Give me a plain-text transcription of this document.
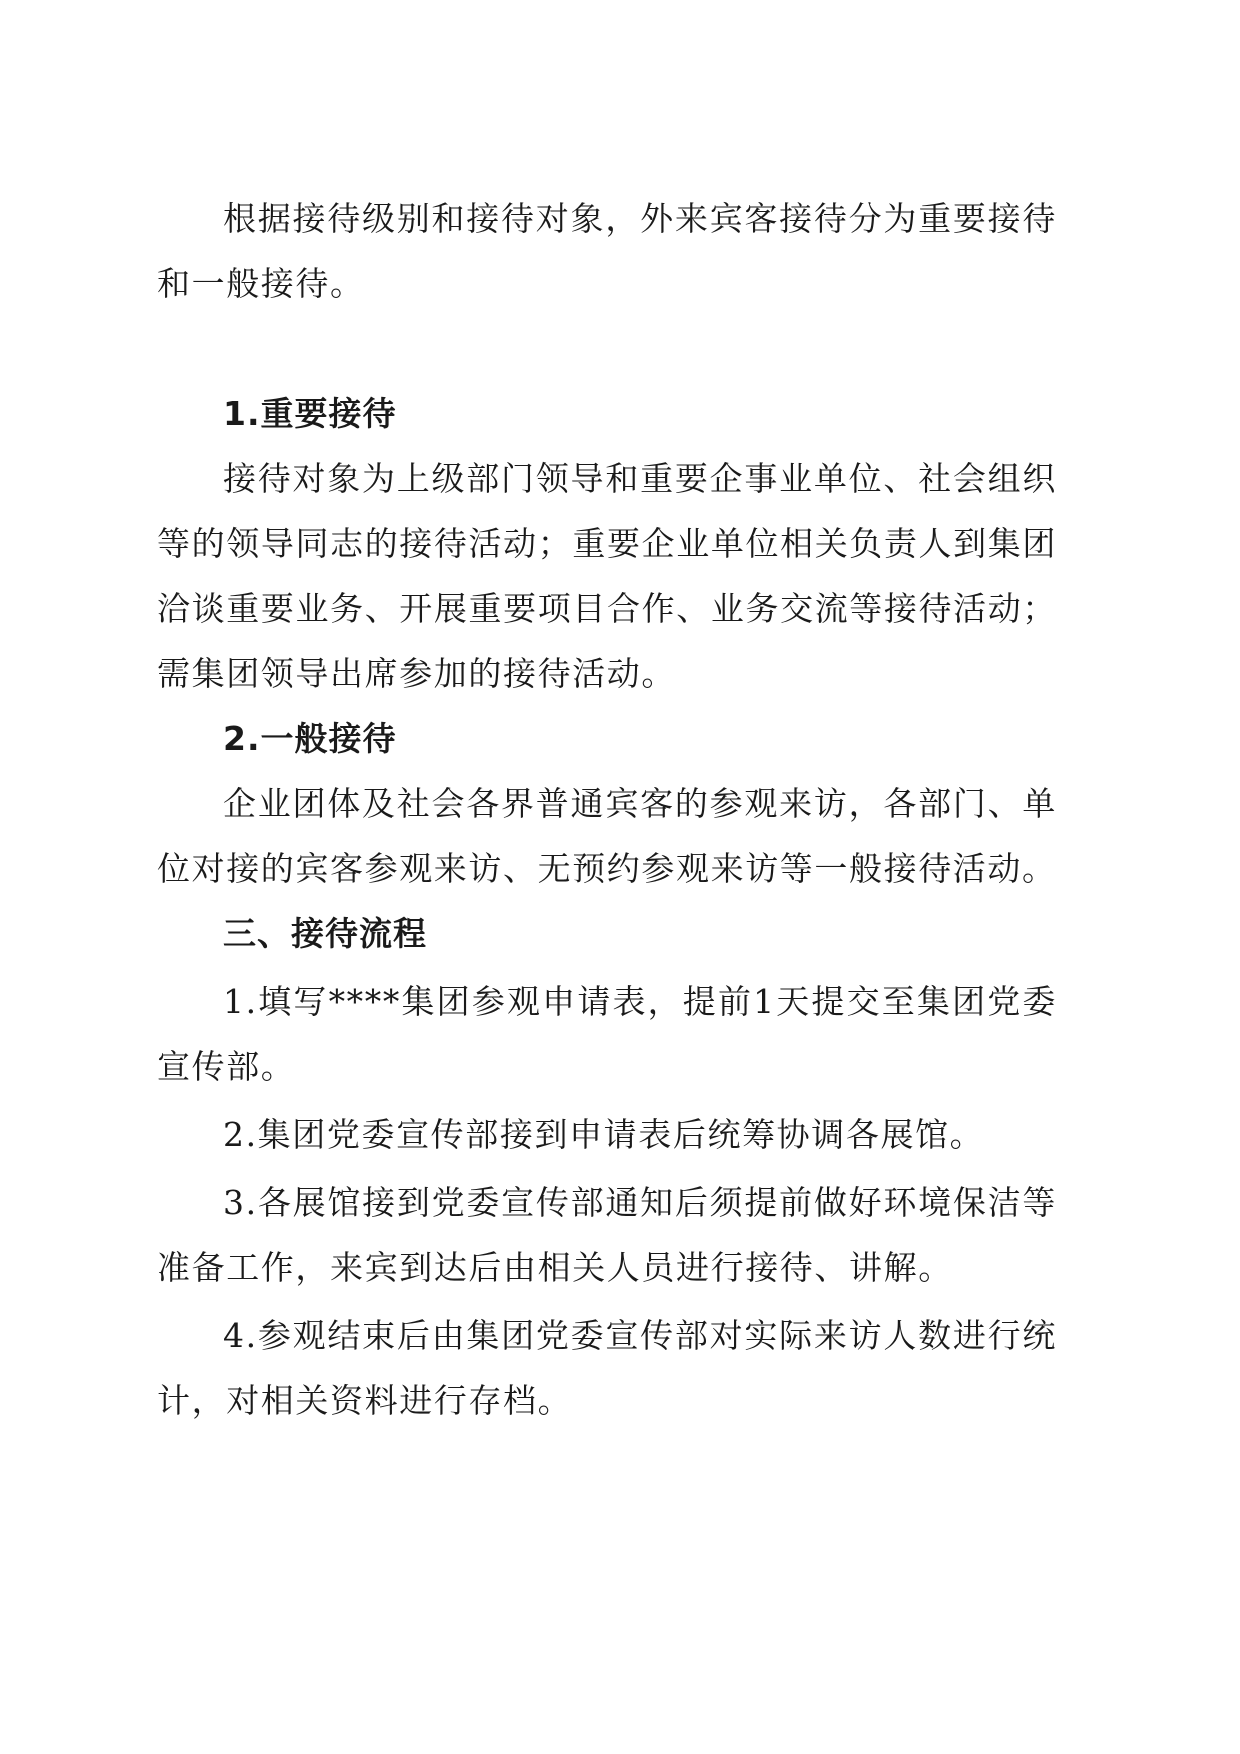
根据接待级别和接待对象，外来宾客接待分为重要接待和一般接待。

1.重要接待

接待对象为上级部门领导和重要企事业单位、社会组织等的领导同志的接待活动；重要企业单位相关负责人到集团洽谈重要业务、开展重要项目合作、业务交流等接待活动；需集团领导出席参加的接待活动。

2.一般接待

企业团体及社会各界普通宾客的参观来访，各部门、单位对接的宾客参观来访、无预约参观来访等一般接待活动。

三、接待流程

1.填写****集团参观申请表，提前1天提交至集团党委宣传部。

2.集团党委宣传部接到申请表后统筹协调各展馆。

3.各展馆接到党委宣传部通知后须提前做好环境保洁等准备工作，来宾到达后由相关人员进行接待、讲解。

4.参观结束后由集团党委宣传部对实际来访人数进行统计，对相关资料进行存档。
